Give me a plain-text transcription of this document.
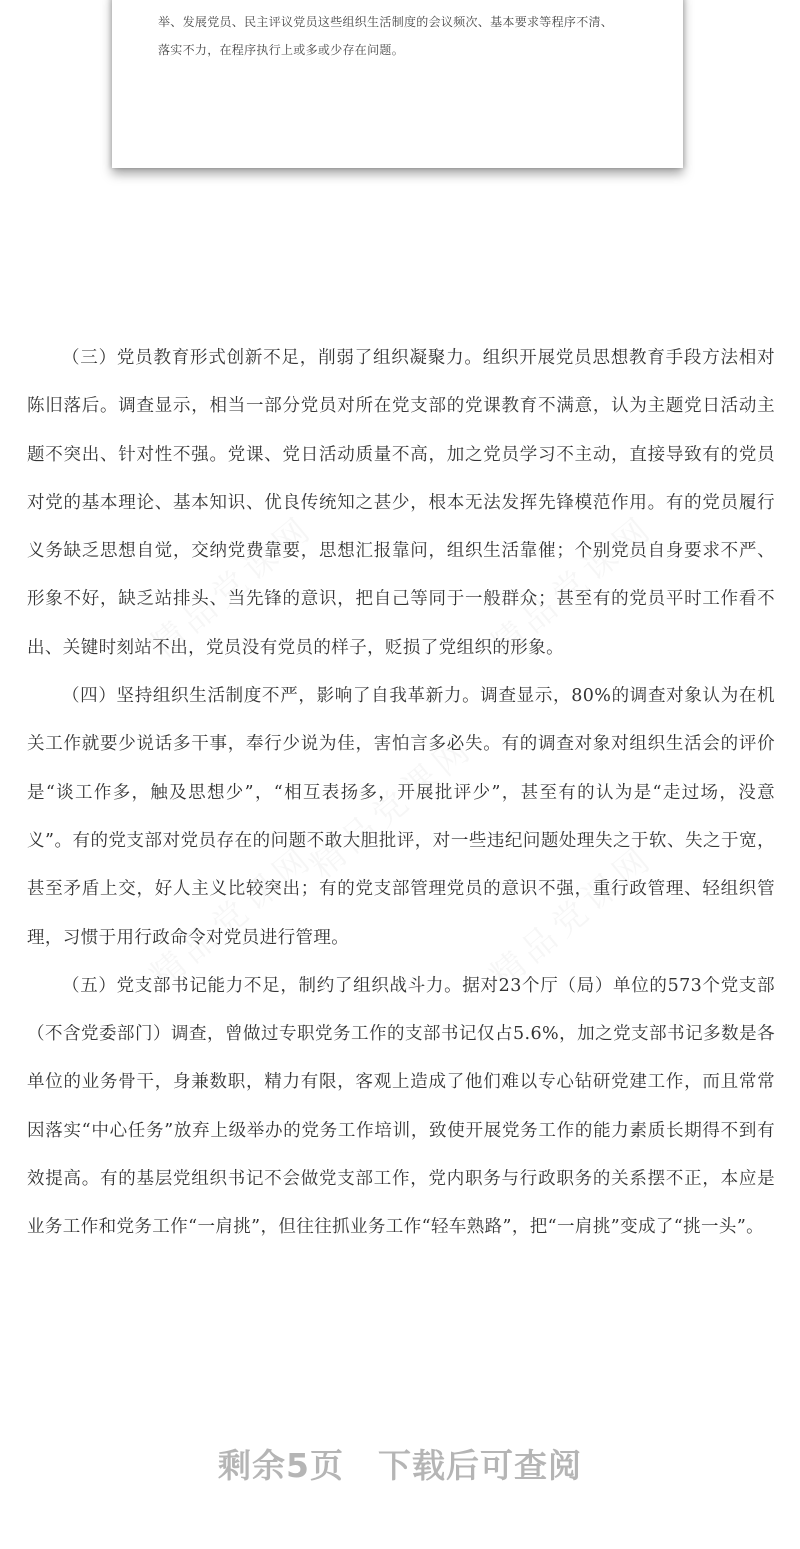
举、发展党员、民主评议党员这些组织生活制度的会议频次、基本要求等程序不清、
落实不力，在程序执行上或多或少存在问题。

（三）党员教育形式创新不足，削弱了组织凝聚力。组织开展党员思想教育手段方法相对陈旧落后。调查显示，相当一部分党员对所在党支部的党课教育不满意，认为主题党日活动主题不突出、针对性不强。党课、党日活动质量不高，加之党员学习不主动，直接导致有的党员对党的基本理论、基本知识、优良传统知之甚少，根本无法发挥先锋模范作用。有的党员履行义务缺乏思想自觉，交纳党费靠要，思想汇报靠问，组织生活靠催；个别党员自身要求不严、形象不好，缺乏站排头、当先锋的意识，把自己等同于一般群众；甚至有的党员平时工作看不出、关键时刻站不出，党员没有党员的样子，贬损了党组织的形象。

（四）坚持组织生活制度不严，影响了自我革新力。调查显示，80%的调查对象认为在机关工作就要少说话多干事，奉行少说为佳，害怕言多必失。有的调查对象对组织生活会的评价是“谈工作多，触及思想少”，“相互表扬多，开展批评少”，甚至有的认为是“走过场，没意义”。有的党支部对党员存在的问题不敢大胆批评，对一些违纪问题处理失之于软、失之于宽，甚至矛盾上交，好人主义比较突出；有的党支部管理党员的意识不强，重行政管理、轻组织管理，习惯于用行政命令对党员进行管理。

（五）党支部书记能力不足，制约了组织战斗力。据对23个厅（局）单位的573个党支部（不含党委部门）调查，曾做过专职党务工作的支部书记仅占5.6%，加之党支部书记多数是各单位的业务骨干，身兼数职，精力有限，客观上造成了他们难以专心钻研党建工作，而且常常因落实“中心任务”放弃上级举办的党务工作培训，致使开展党务工作的能力素质长期得不到有效提高。有的基层党组织书记不会做党支部工作，党内职务与行政职务的关系摆不正，本应是业务工作和党务工作“一肩挑”，但往往抓业务工作“轻车熟路”，把“一肩挑”变成了“挑一头”。

剩余5页 下载后可查阅
